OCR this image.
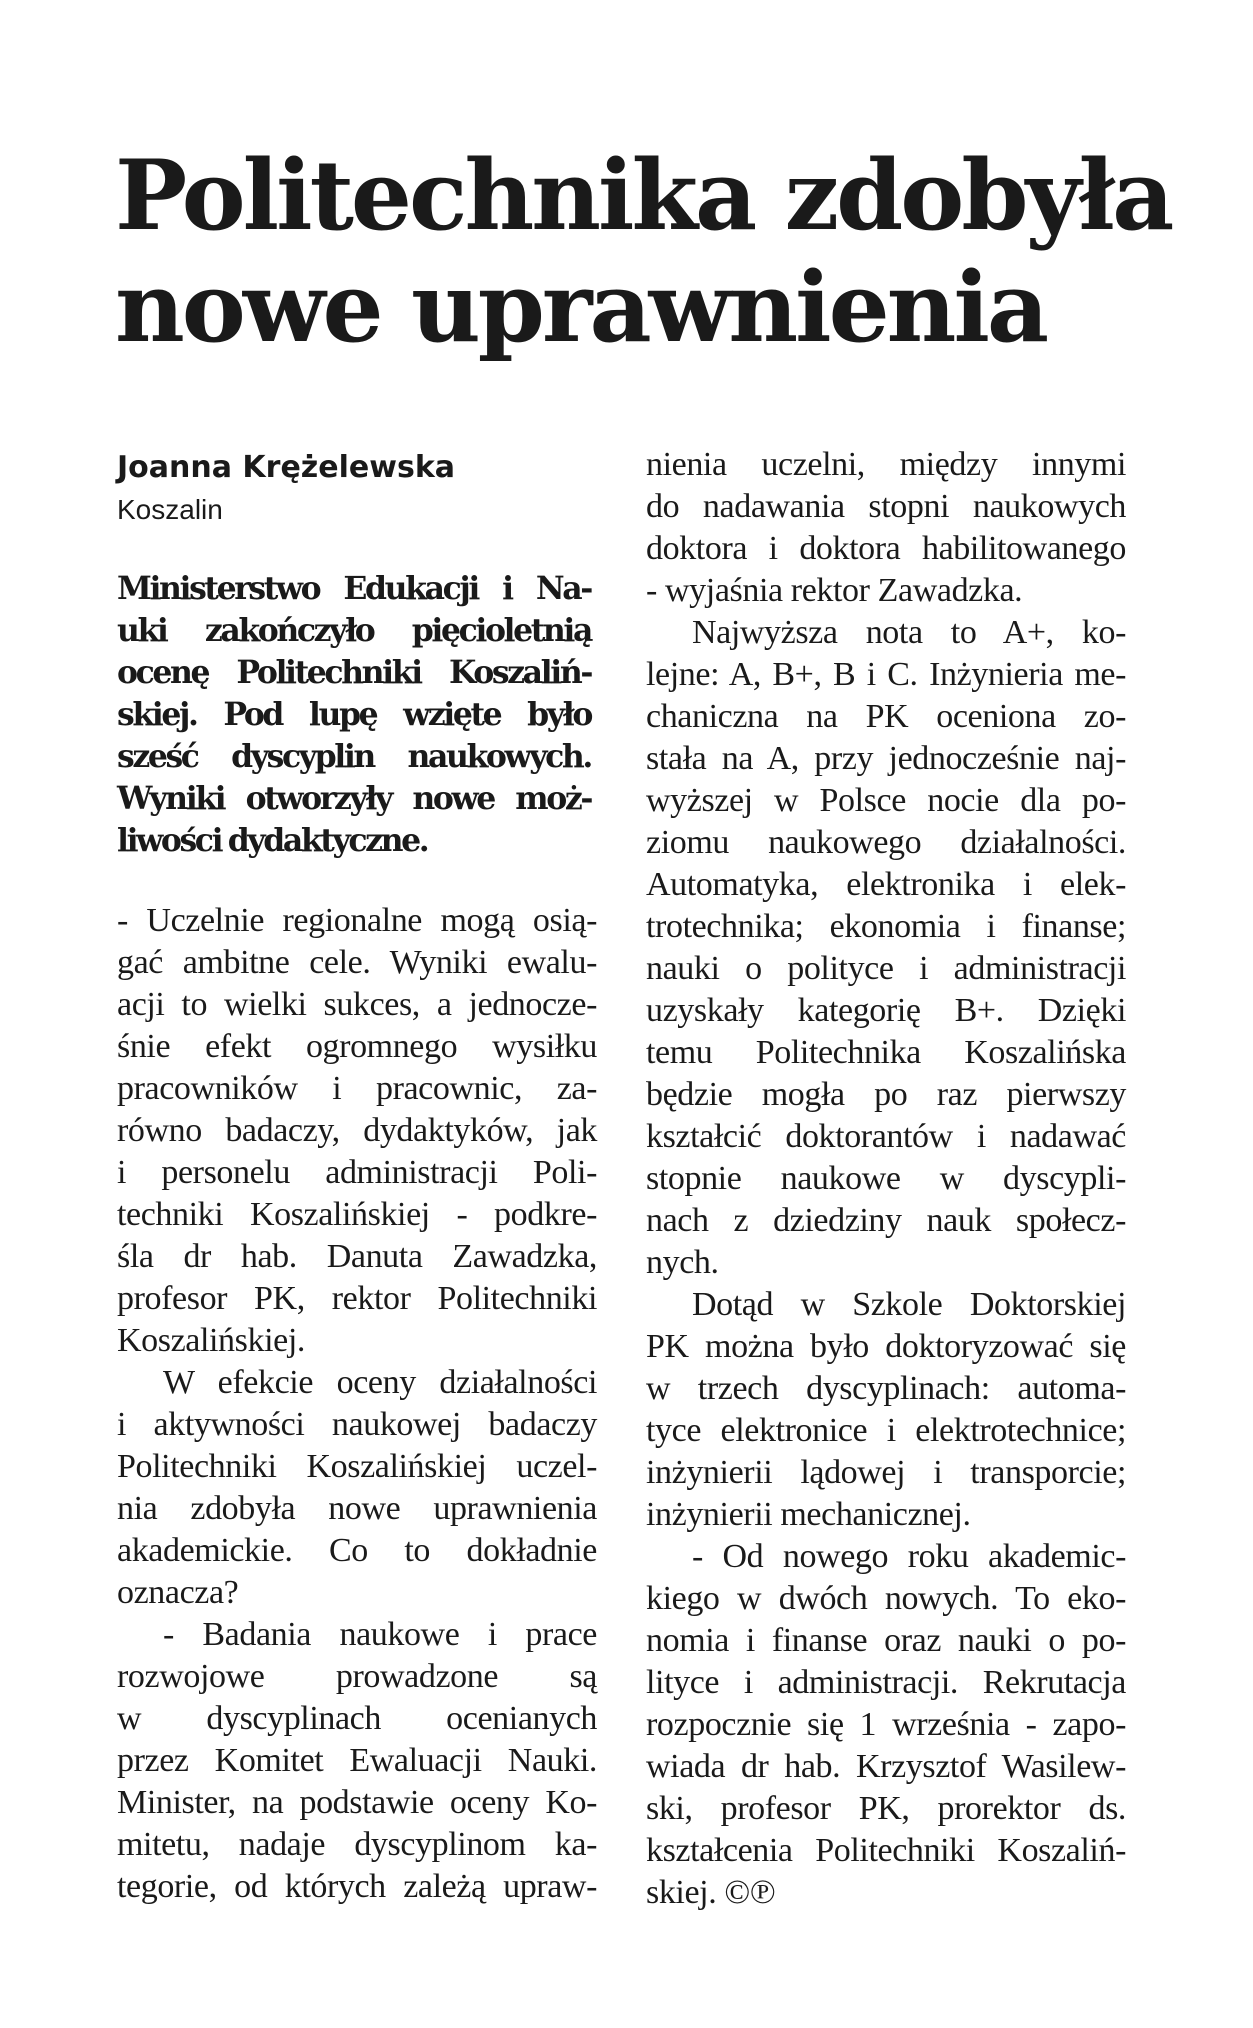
Politechnika zdobyła
nowe uprawnienia
Joanna Krężelewska
Koszalin
Ministerstwo Edukacji i Na-
uki zakończyło pięcioletnią
ocenę Politechniki Koszaliń-
skiej. Pod lupę wzięte było
sześć dyscyplin naukowych.
Wyniki otworzyły nowe moż-
liwości dydaktyczne.
- Uczelnie regionalne mogą osią-
gać ambitne cele. Wyniki ewalu-
acji to wielki sukces, a jednocze-
śnie efekt ogromnego wysiłku
pracowników i pracownic, za-
równo badaczy, dydaktyków, jak
i personelu administracji Poli-
techniki Koszalińskiej - podkre-
śla dr hab. Danuta Zawadzka,
profesor PK, rektor Politechniki
Koszalińskiej.
W efekcie oceny działalności
i aktywności naukowej badaczy
Politechniki Koszalińskiej uczel-
nia zdobyła nowe uprawnienia
akademickie. Co to dokładnie
oznacza?
- Badania naukowe i prace
rozwojowe prowadzone są
w dyscyplinach ocenianych
przez Komitet Ewaluacji Nauki.
Minister, na podstawie oceny Ko-
mitetu, nadaje dyscyplinom ka-
tegorie, od których zależą upraw-
nienia uczelni, między innymi
do nadawania stopni naukowych
doktora i doktora habilitowanego
- wyjaśnia rektor Zawadzka.
Najwyższa nota to A+, ko-
lejne: A, B+, B i C. Inżynieria me-
chaniczna na PK oceniona zo-
stała na A, przy jednocześnie naj-
wyższej w Polsce nocie dla po-
ziomu naukowego działalności.
Automatyka, elektronika i elek-
trotechnika; ekonomia i finanse;
nauki o polityce i administracji
uzyskały kategorię B+. Dzięki
temu Politechnika Koszalińska
będzie mogła po raz pierwszy
kształcić doktorantów i nadawać
stopnie naukowe w dyscypli-
nach z dziedziny nauk społecz-
nych.
Dotąd w Szkole Doktorskiej
PK można było doktoryzować się
w trzech dyscyplinach: automa-
tyce elektronice i elektrotechnice;
inżynierii lądowej i transporcie;
inżynierii mechanicznej.
- Od nowego roku akademic-
kiego w dwóch nowych. To eko-
nomia i finanse oraz nauki o po-
lityce i administracji. Rekrutacja
rozpocznie się 1 września - zapo-
wiada dr hab. Krzysztof Wasilew-
ski, profesor PK, prorektor ds.
kształcenia Politechniki Koszaliń-
skiej. ©℗
